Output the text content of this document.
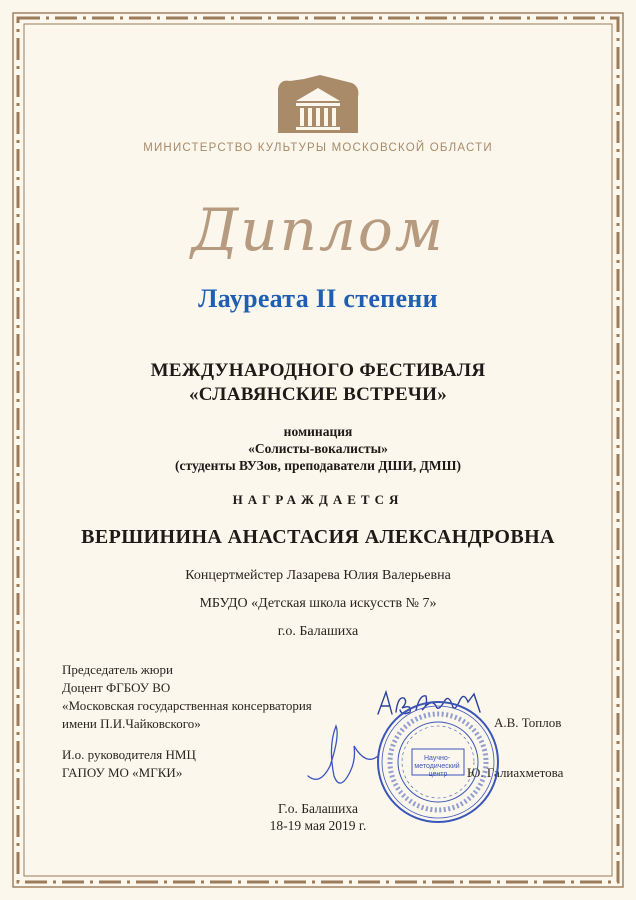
МИНИСТЕРСТВО КУЛЬТУРЫ МОСКОВСКОЙ ОБЛАСТИ
Диплом
Лауреата II степени
МЕЖДУНАРОДНОГО ФЕСТИВАЛЯ
«СЛАВЯНСКИЕ ВСТРЕЧИ»
номинация
«Солисты-вокалисты»
(студенты ВУЗов, преподаватели ДШИ, ДМШ)
НАГРАЖДАЕТСЯ
ВЕРШИНИНА АНАСТАСИЯ АЛЕКСАНДРОВНА
Концертмейстер Лазарева Юлия Валерьевна
МБУДО «Детская школа искусств № 7»
г.о. Балашиха
Председатель жюри
Доцент ФГБОУ ВО
«Московская государственная консерватория
имени П.И.Чайковского»	А.В. Топлов
И.о. руководителя НМЦ
ГАПОУ МО «МГКИ»	Ю. Галиахметова
Научно- методический центр
Г.о. Балашиха
18-19 мая 2019 г.
